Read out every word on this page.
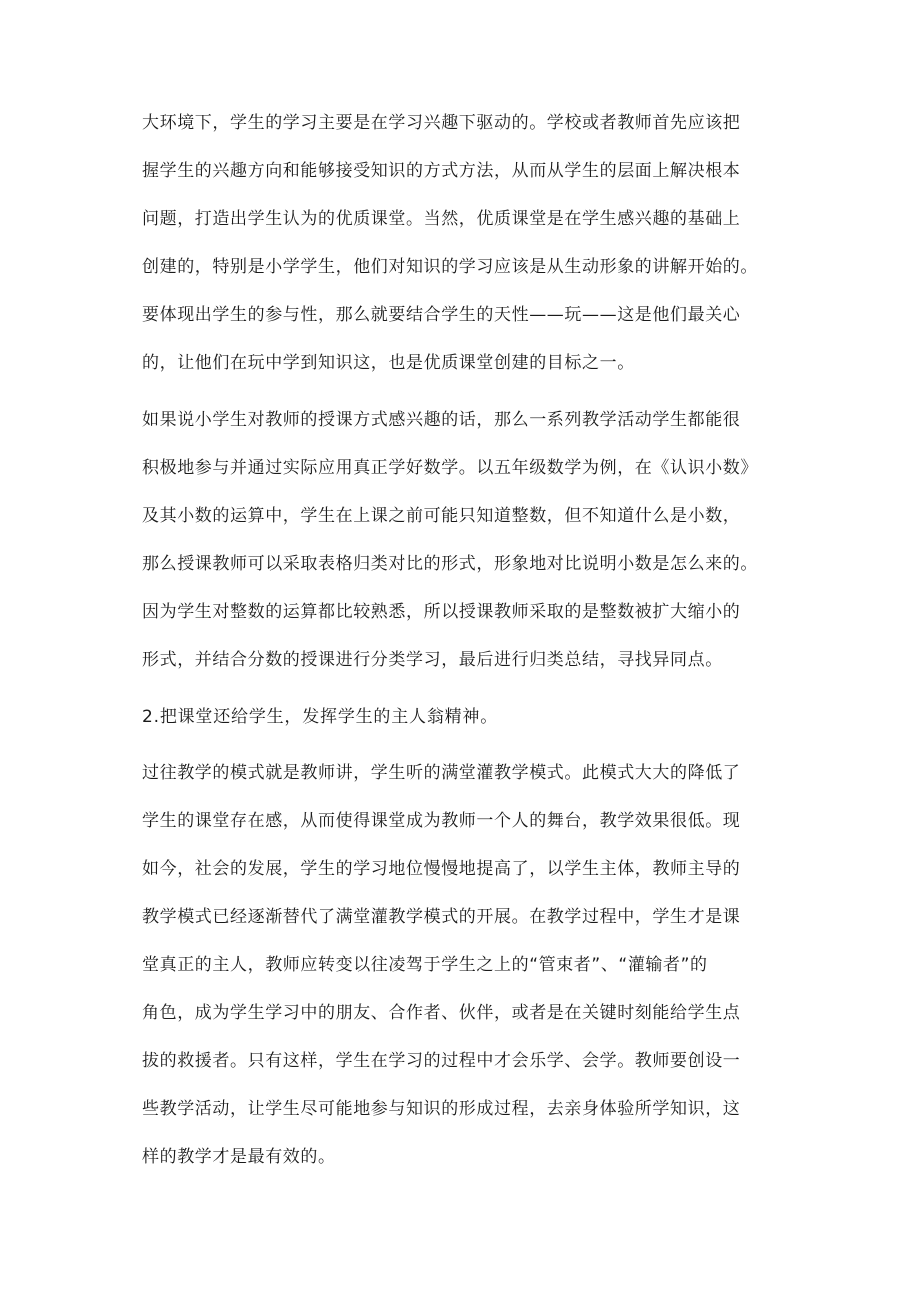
大环境下，学生的学习主要是在学习兴趣下驱动的。学校或者教师首先应该把
握学生的兴趣方向和能够接受知识的方式方法，从而从学生的层面上解决根本
问题，打造出学生认为的优质课堂。当然，优质课堂是在学生感兴趣的基础上
创建的，特别是小学学生，他们对知识的学习应该是从生动形象的讲解开始的。
要体现出学生的参与性，那么就要结合学生的天性——玩——这是他们最关心
的，让他们在玩中学到知识这，也是优质课堂创建的目标之一。
如果说小学生对教师的授课方式感兴趣的话，那么一系列教学活动学生都能很
积极地参与并通过实际应用真正学好数学。以五年级数学为例，在《认识小数》
及其小数的运算中，学生在上课之前可能只知道整数，但不知道什么是小数，
那么授课教师可以采取表格归类对比的形式，形象地对比说明小数是怎么来的。
因为学生对整数的运算都比较熟悉，所以授课教师采取的是整数被扩大缩小的
形式，并结合分数的授课进行分类学习，最后进行归类总结，寻找异同点。
2.把课堂还给学生，发挥学生的主人翁精神。
过往教学的模式就是教师讲，学生听的满堂灌教学模式。此模式大大的降低了
学生的课堂存在感，从而使得课堂成为教师一个人的舞台，教学效果很低。现
如今，社会的发展，学生的学习地位慢慢地提高了，以学生主体，教师主导的
教学模式已经逐渐替代了满堂灌教学模式的开展。在教学过程中，学生才是课
堂真正的主人，教师应转变以往凌驾于学生之上的“管束者”、“灌输者”的
角色，成为学生学习中的朋友、合作者、伙伴，或者是在关键时刻能给学生点
拔的救援者。只有这样，学生在学习的过程中才会乐学、会学。教师要创设一
些教学活动，让学生尽可能地参与知识的形成过程，去亲身体验所学知识，这
样的教学才是最有效的。
